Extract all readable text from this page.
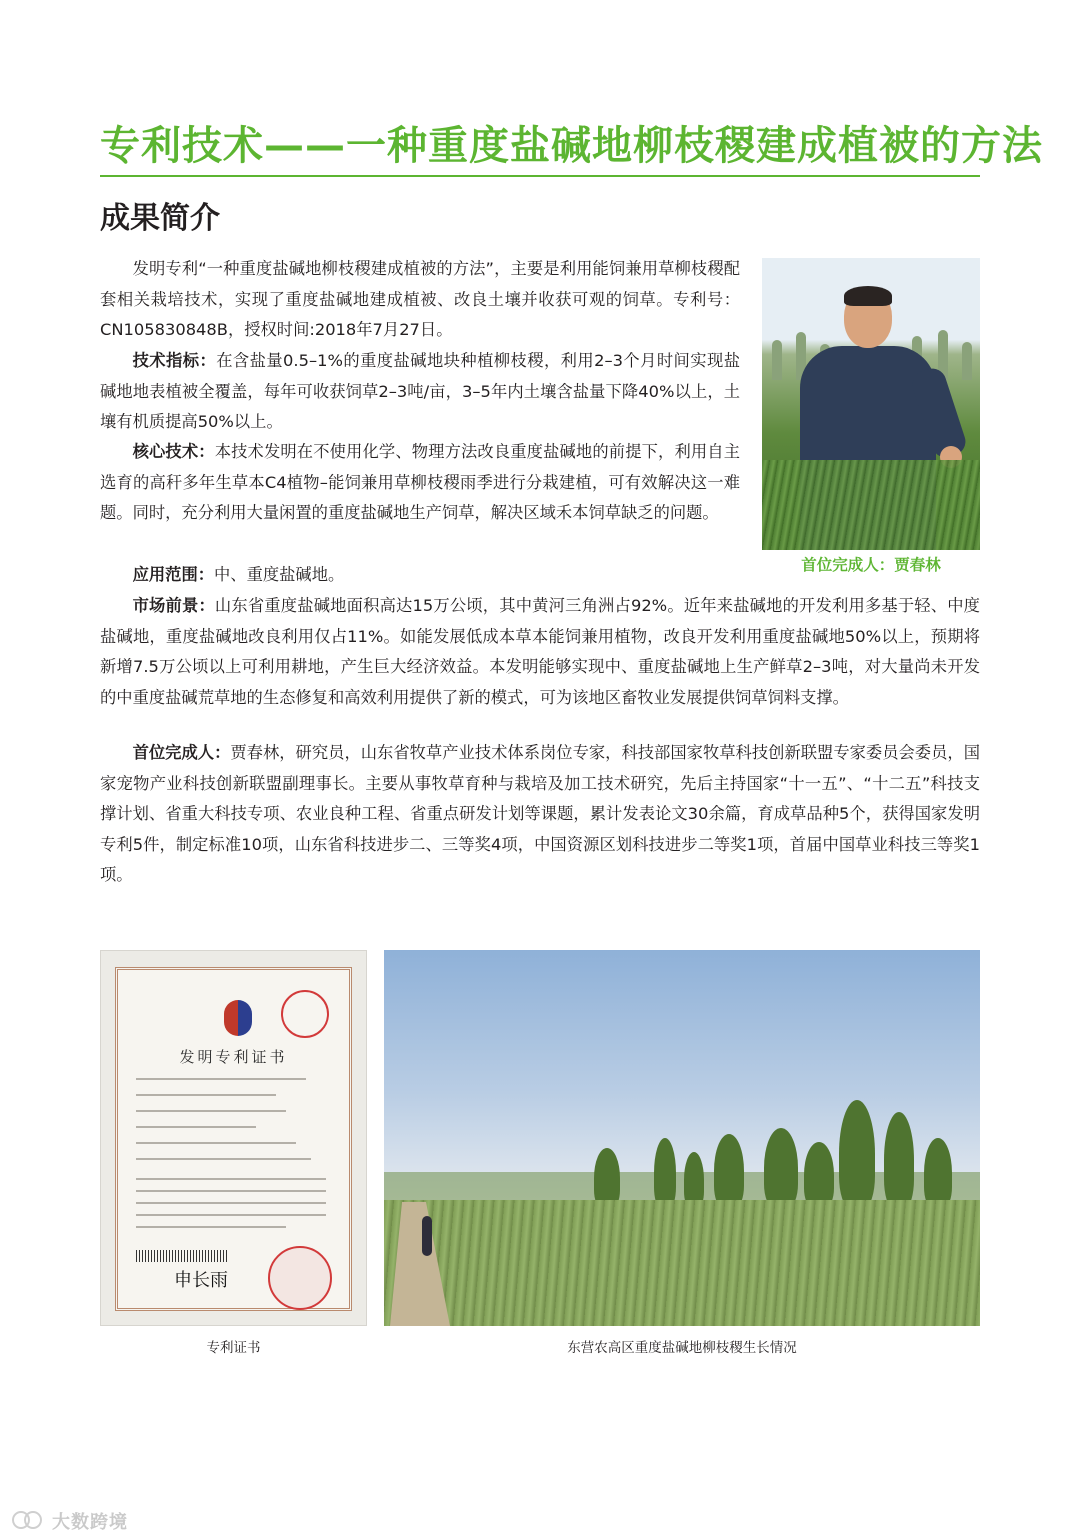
专利技术——一种重度盐碱地柳枝稷建成植被的方法
成果简介

发明专利“一种重度盐碱地柳枝稷建成植被的方法”，主要是利用能饲兼用草柳枝稷配套相关栽培技术，实现了重度盐碱地建成植被、改良土壤并收获可观的饲草。专利号：CN105830848B，授权时间:2018年7月27日。

技术指标：在含盐量0.5–1%的重度盐碱地块种植柳枝稷，利用2–3个月时间实现盐碱地地表植被全覆盖，每年可收获饲草2–3吨/亩，3–5年内土壤含盐量下降40%以上，土壤有机质提高50%以上。

核心技术：本技术发明在不使用化学、物理方法改良重度盐碱地的前提下，利用自主选育的高秆多年生草本C4植物–能饲兼用草柳枝稷雨季进行分栽建植，可有效解决这一难题。同时，充分利用大量闲置的重度盐碱地生产饲草，解决区域禾本饲草缺乏的问题。

应用范围：中、重度盐碱地。

市场前景：山东省重度盐碱地面积高达15万公顷，其中黄河三角洲占92%。近年来盐碱地的开发利用多基于轻、中度盐碱地，重度盐碱地改良利用仅占11%。如能发展低成本草本能饲兼用植物，改良开发利用重度盐碱地50%以上，预期将新增7.5万公顷以上可利用耕地，产生巨大经济效益。本发明能够实现中、重度盐碱地上生产鲜草2–3吨，对大量尚未开发的中重度盐碱荒草地的生态修复和高效利用提供了新的模式，可为该地区畜牧业发展提供饲草饲料支撑。

首位完成人：贾春林，研究员，山东省牧草产业技术体系岗位专家，科技部国家牧草科技创新联盟专家委员会委员，国家宠物产业科技创新联盟副理事长。主要从事牧草育种与栽培及加工技术研究，先后主持国家“十一五”、“十二五”科技支撑计划、省重大科技专项、农业良种工程、省重点研发计划等课题，累计发表论文30余篇，育成草品种5个，获得国家发明专利5件，制定标准10项，山东省科技进步二、三等奖4项，中国资源区划科技进步二等奖1项，首届中国草业科技三等奖1项。

首位完成人：贾春林
发明专利证书
申长雨
专利证书	东营农高区重度盐碱地柳枝稷生长情况
大数跨境
